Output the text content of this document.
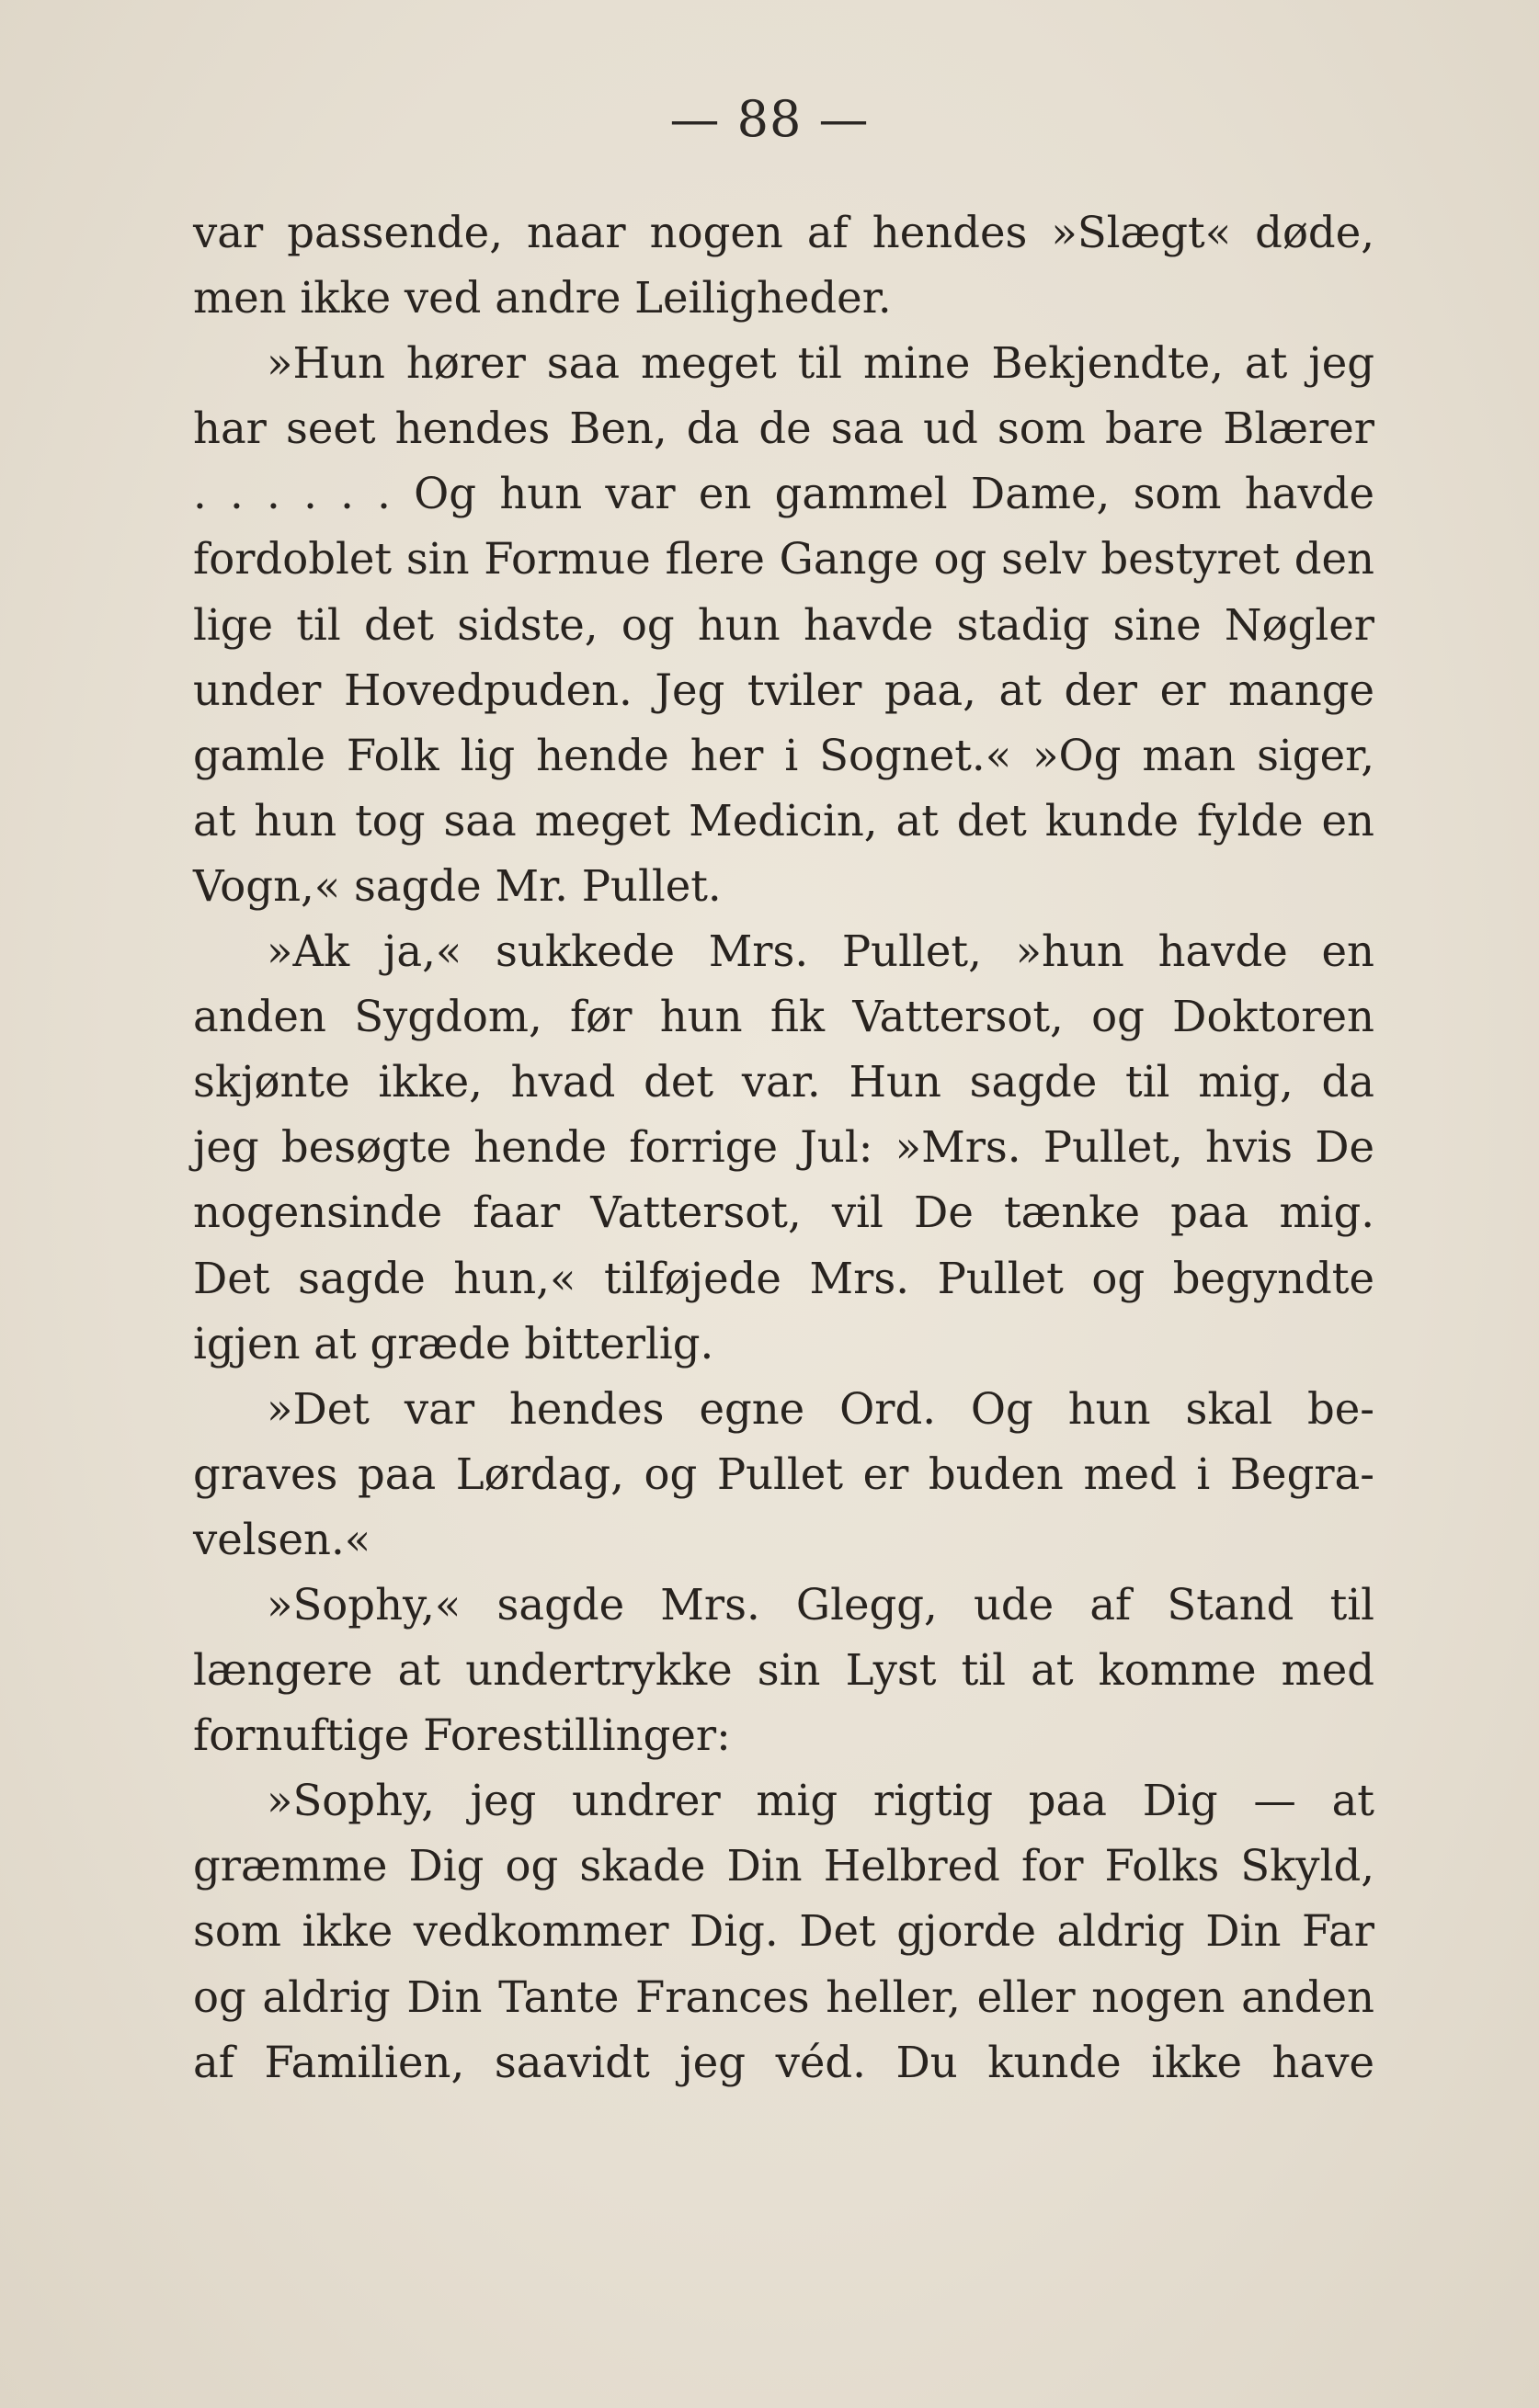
— 88 —
var passende, naar nogen af hendes »Slægt« døde,
men ikke ved andre Leiligheder.
»Hun hører saa meget til mine Bekjendte, at jeg
har seet hendes Ben, da de saa ud som bare Blærer
. . . . . . Og hun var en gammel Dame, som havde
fordoblet sin Formue flere Gange og selv bestyret den
lige til det sidste, og hun havde stadig sine Nøgler
under Hovedpuden. Jeg tviler paa, at der er mange
gamle Folk lig hende her i Sognet.« »Og man siger,
at hun tog saa meget Medicin, at det kunde fylde en
Vogn,« sagde Mr. Pullet.
»Ak ja,« sukkede Mrs. Pullet, »hun havde en
anden Sygdom, før hun fik Vattersot, og Doktoren
skjønte ikke, hvad det var. Hun sagde til mig, da
jeg besøgte hende forrige Jul: »Mrs. Pullet, hvis De
nogensinde faar Vattersot, vil De tænke paa mig.
Det sagde hun,« tilføjede Mrs. Pullet og begyndte
igjen at græde bitterlig.
»Det var hendes egne Ord. Og hun skal be-
graves paa Lørdag, og Pullet er buden med i Begra-
velsen.«
»Sophy,« sagde Mrs. Glegg, ude af Stand til
længere at undertrykke sin Lyst til at komme med
fornuftige Forestillinger:
»Sophy, jeg undrer mig rigtig paa Dig — at
græmme Dig og skade Din Helbred for Folks Skyld,
som ikke vedkommer Dig. Det gjorde aldrig Din Far
og aldrig Din Tante Frances heller, eller nogen anden
af Familien, saavidt jeg véd. Du kunde ikke have
